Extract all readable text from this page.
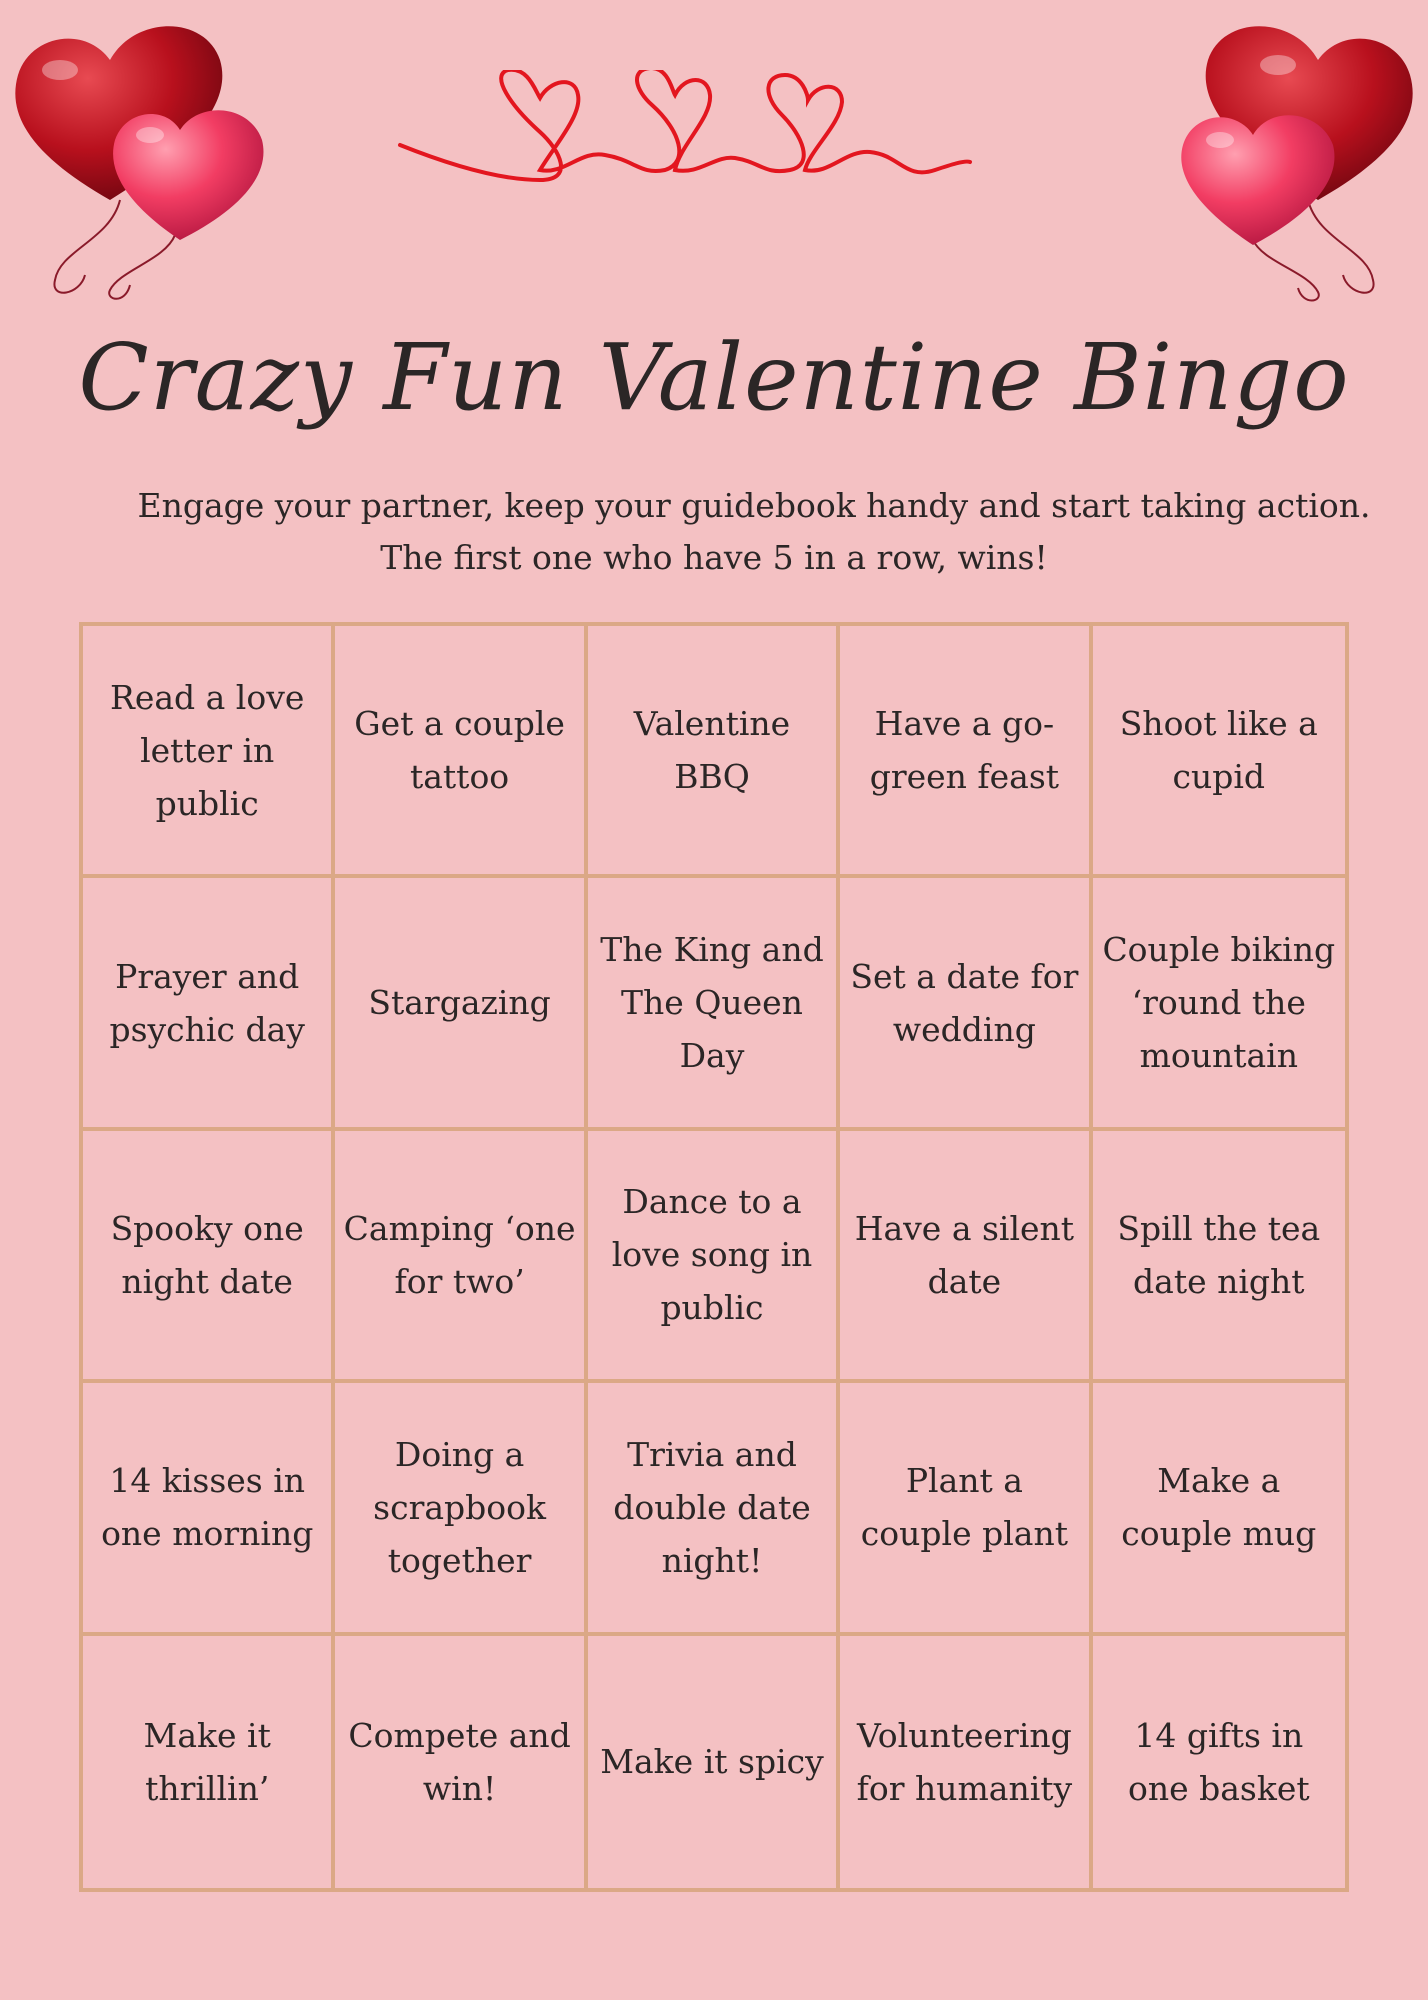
Crazy Fun Valentine Bingo
Engage your partner, keep your guidebook handy and start taking action.
The first one who have 5 in a row, wins!
Read a love letter in public
Get a couple tattoo
Valentine BBQ
Have a go-green feast
Shoot like a cupid
Prayer and psychic day
Stargazing
The King and The Queen Day
Set a date for wedding
Couple biking ‘round the mountain
Spooky one night date
Camping ‘one for two’
Dance to a love song in public
Have a silent date
Spill the tea date night
14 kisses in one morning
Doing a scrapbook together
Trivia and double date night!
Plant a couple plant
Make a couple mug
Make it thrillin’
Compete and win!
Make it spicy
Volunteering for humanity
14 gifts in one basket
